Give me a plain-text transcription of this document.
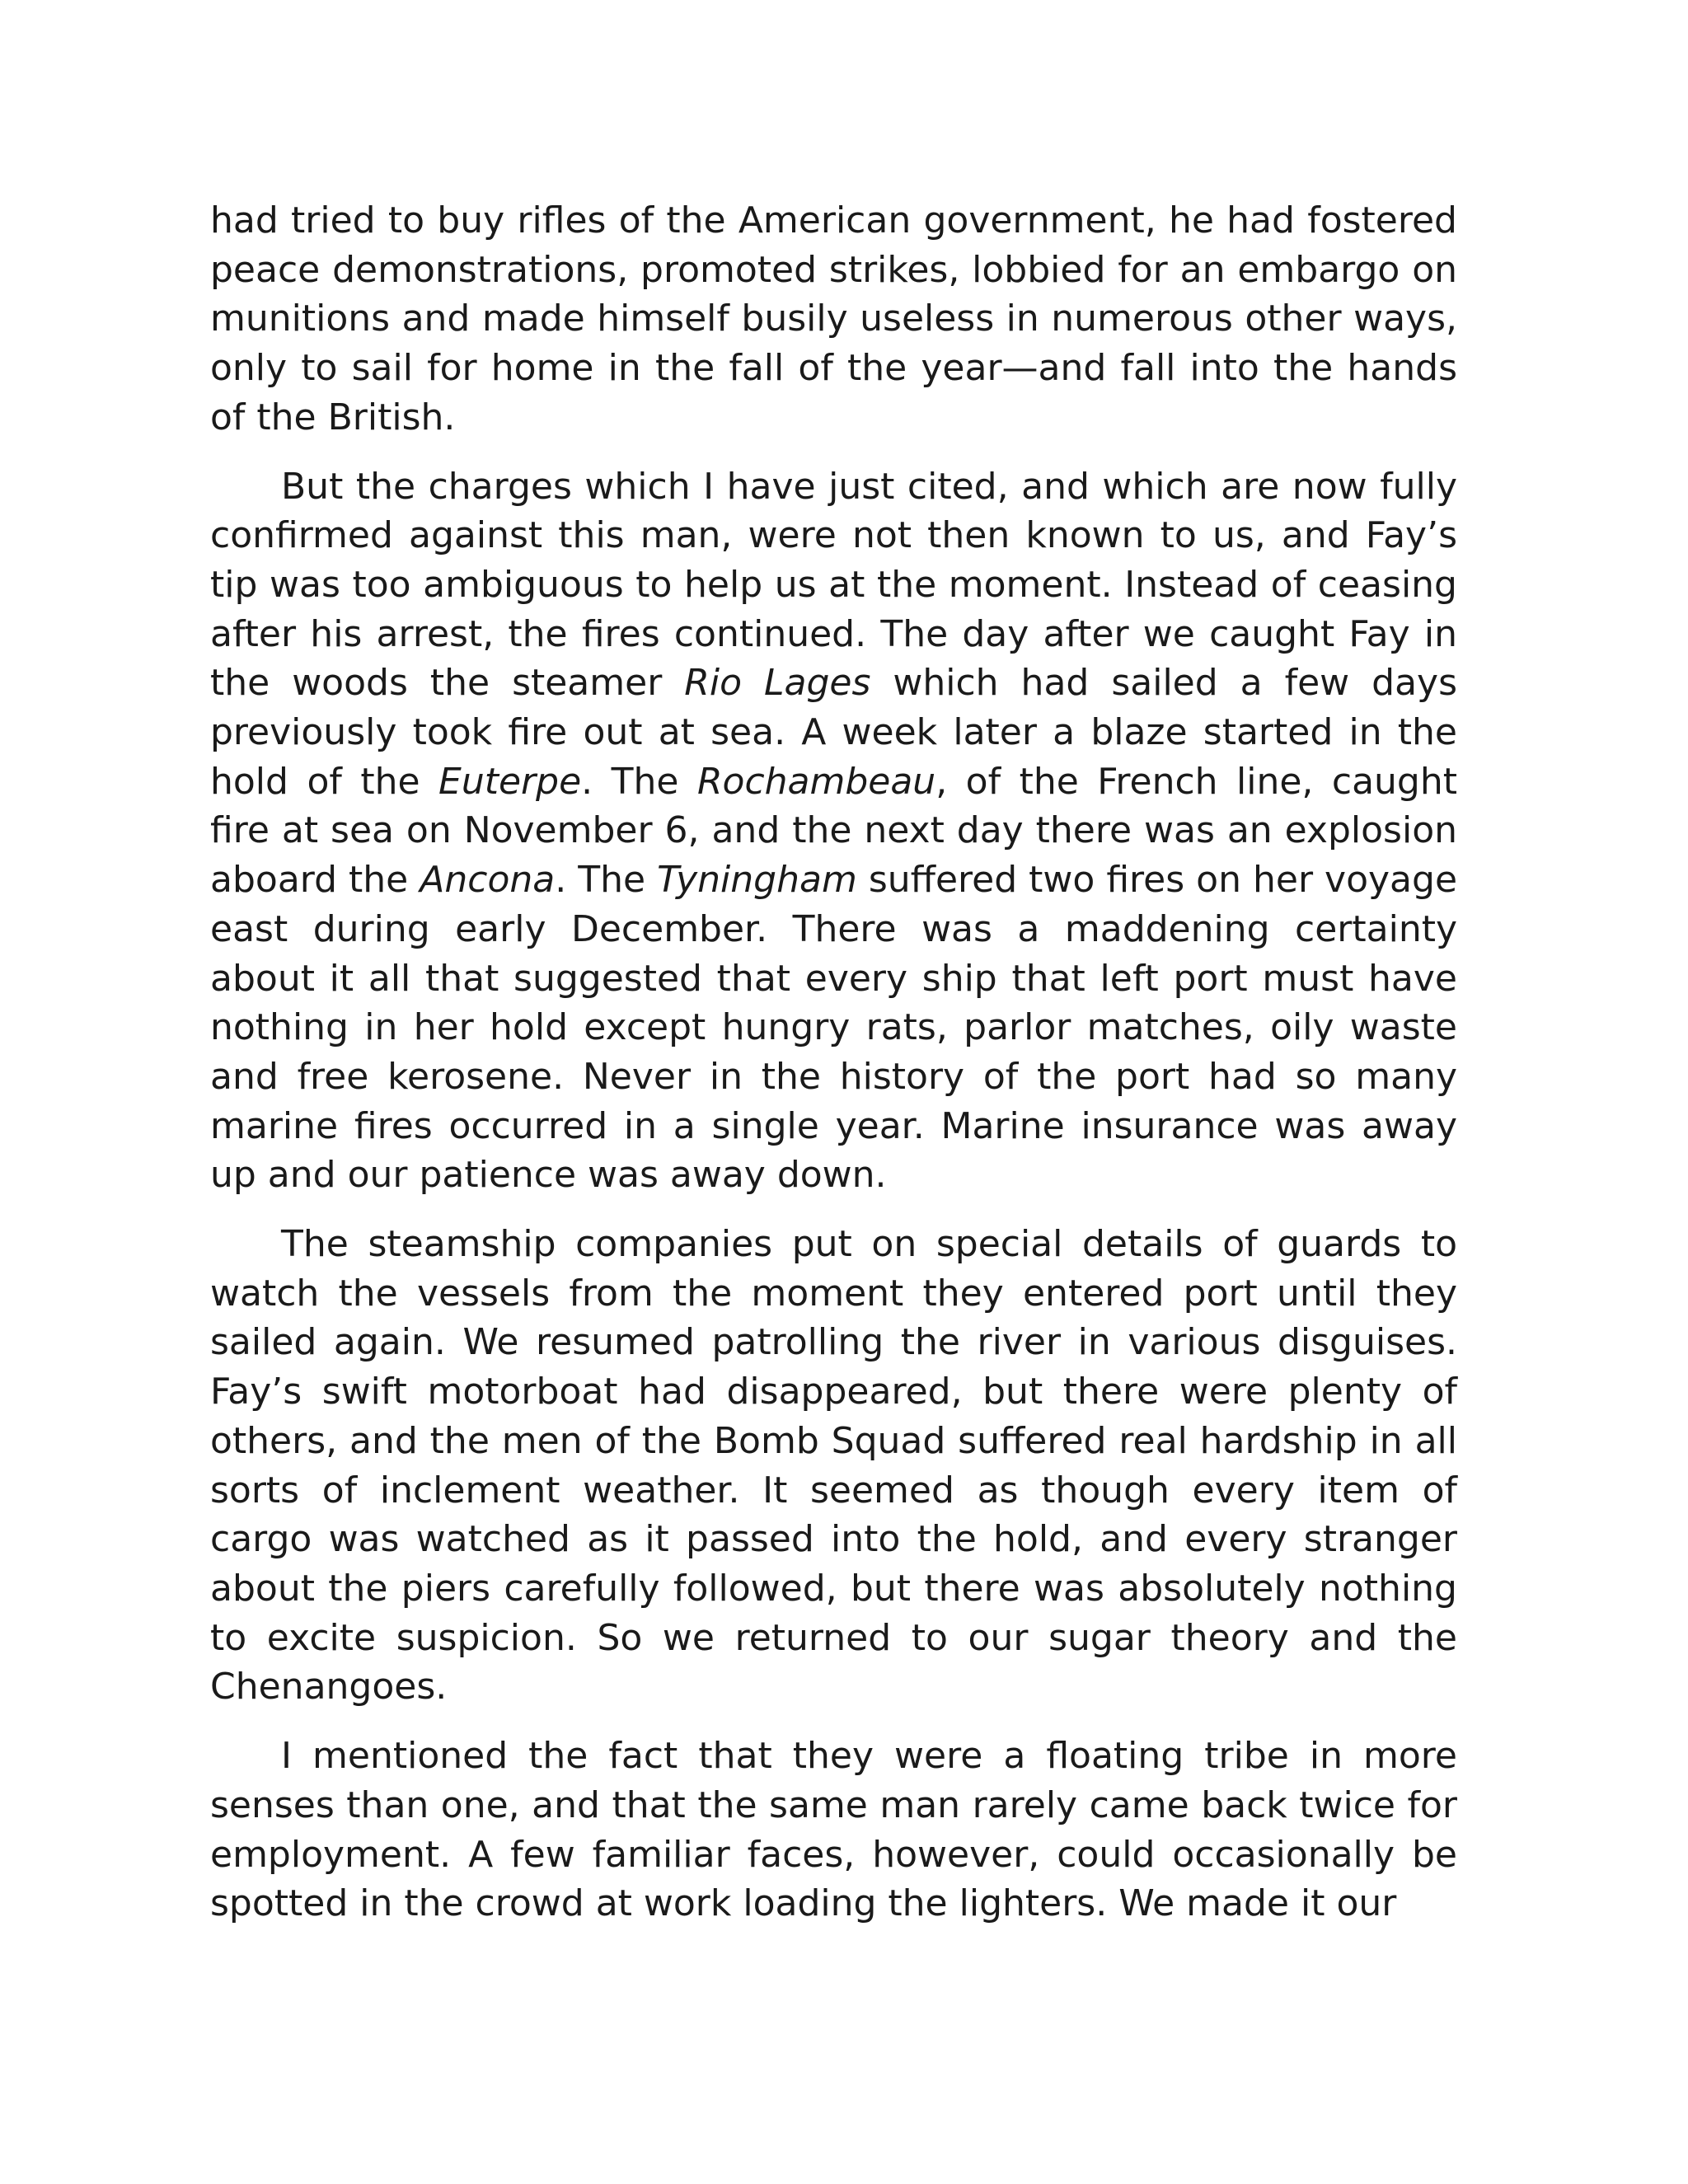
had tried to buy rifles of the American government, he had fostered peace demonstrations, promoted strikes, lobbied for an embargo on munitions and made himself busily useless in numerous other ways, only to sail for home in the fall of the year—and fall into the hands of the British.

But the charges which I have just cited, and which are now fully confirmed against this man, were not then known to us, and Fay’s tip was too ambiguous to help us at the moment. Instead of ceasing after his arrest, the fires continued. The day after we caught Fay in the woods the steamer Rio Lages which had sailed a few days previously took fire out at sea. A week later a blaze started in the hold of the Euterpe. The Rochambeau, of the French line, caught fire at sea on November 6, and the next day there was an explosion aboard the Ancona. The Tyningham suffered two fires on her voyage east during early December. There was a maddening certainty about it all that suggested that every ship that left port must have nothing in her hold except hungry rats, parlor matches, oily waste and free kerosene. Never in the history of the port had so many marine fires occurred in a single year. Marine insurance was away up and our patience was away down.

The steamship companies put on special details of guards to watch the vessels from the moment they entered port until they sailed again. We resumed patrolling the river in various disguises. Fay’s swift motorboat had disappeared, but there were plenty of others, and the men of the Bomb Squad suffered real hardship in all sorts of inclement weather. It seemed as though every item of cargo was watched as it passed into the hold, and every stranger about the piers carefully followed, but there was absolutely nothing to excite suspicion. So we returned to our sugar theory and the Chenangoes.

I mentioned the fact that they were a floating tribe in more senses than one, and that the same man rarely came back twice for employment. A few familiar faces, however, could occasionally be spotted in the crowd at work loading the lighters. We made it our
